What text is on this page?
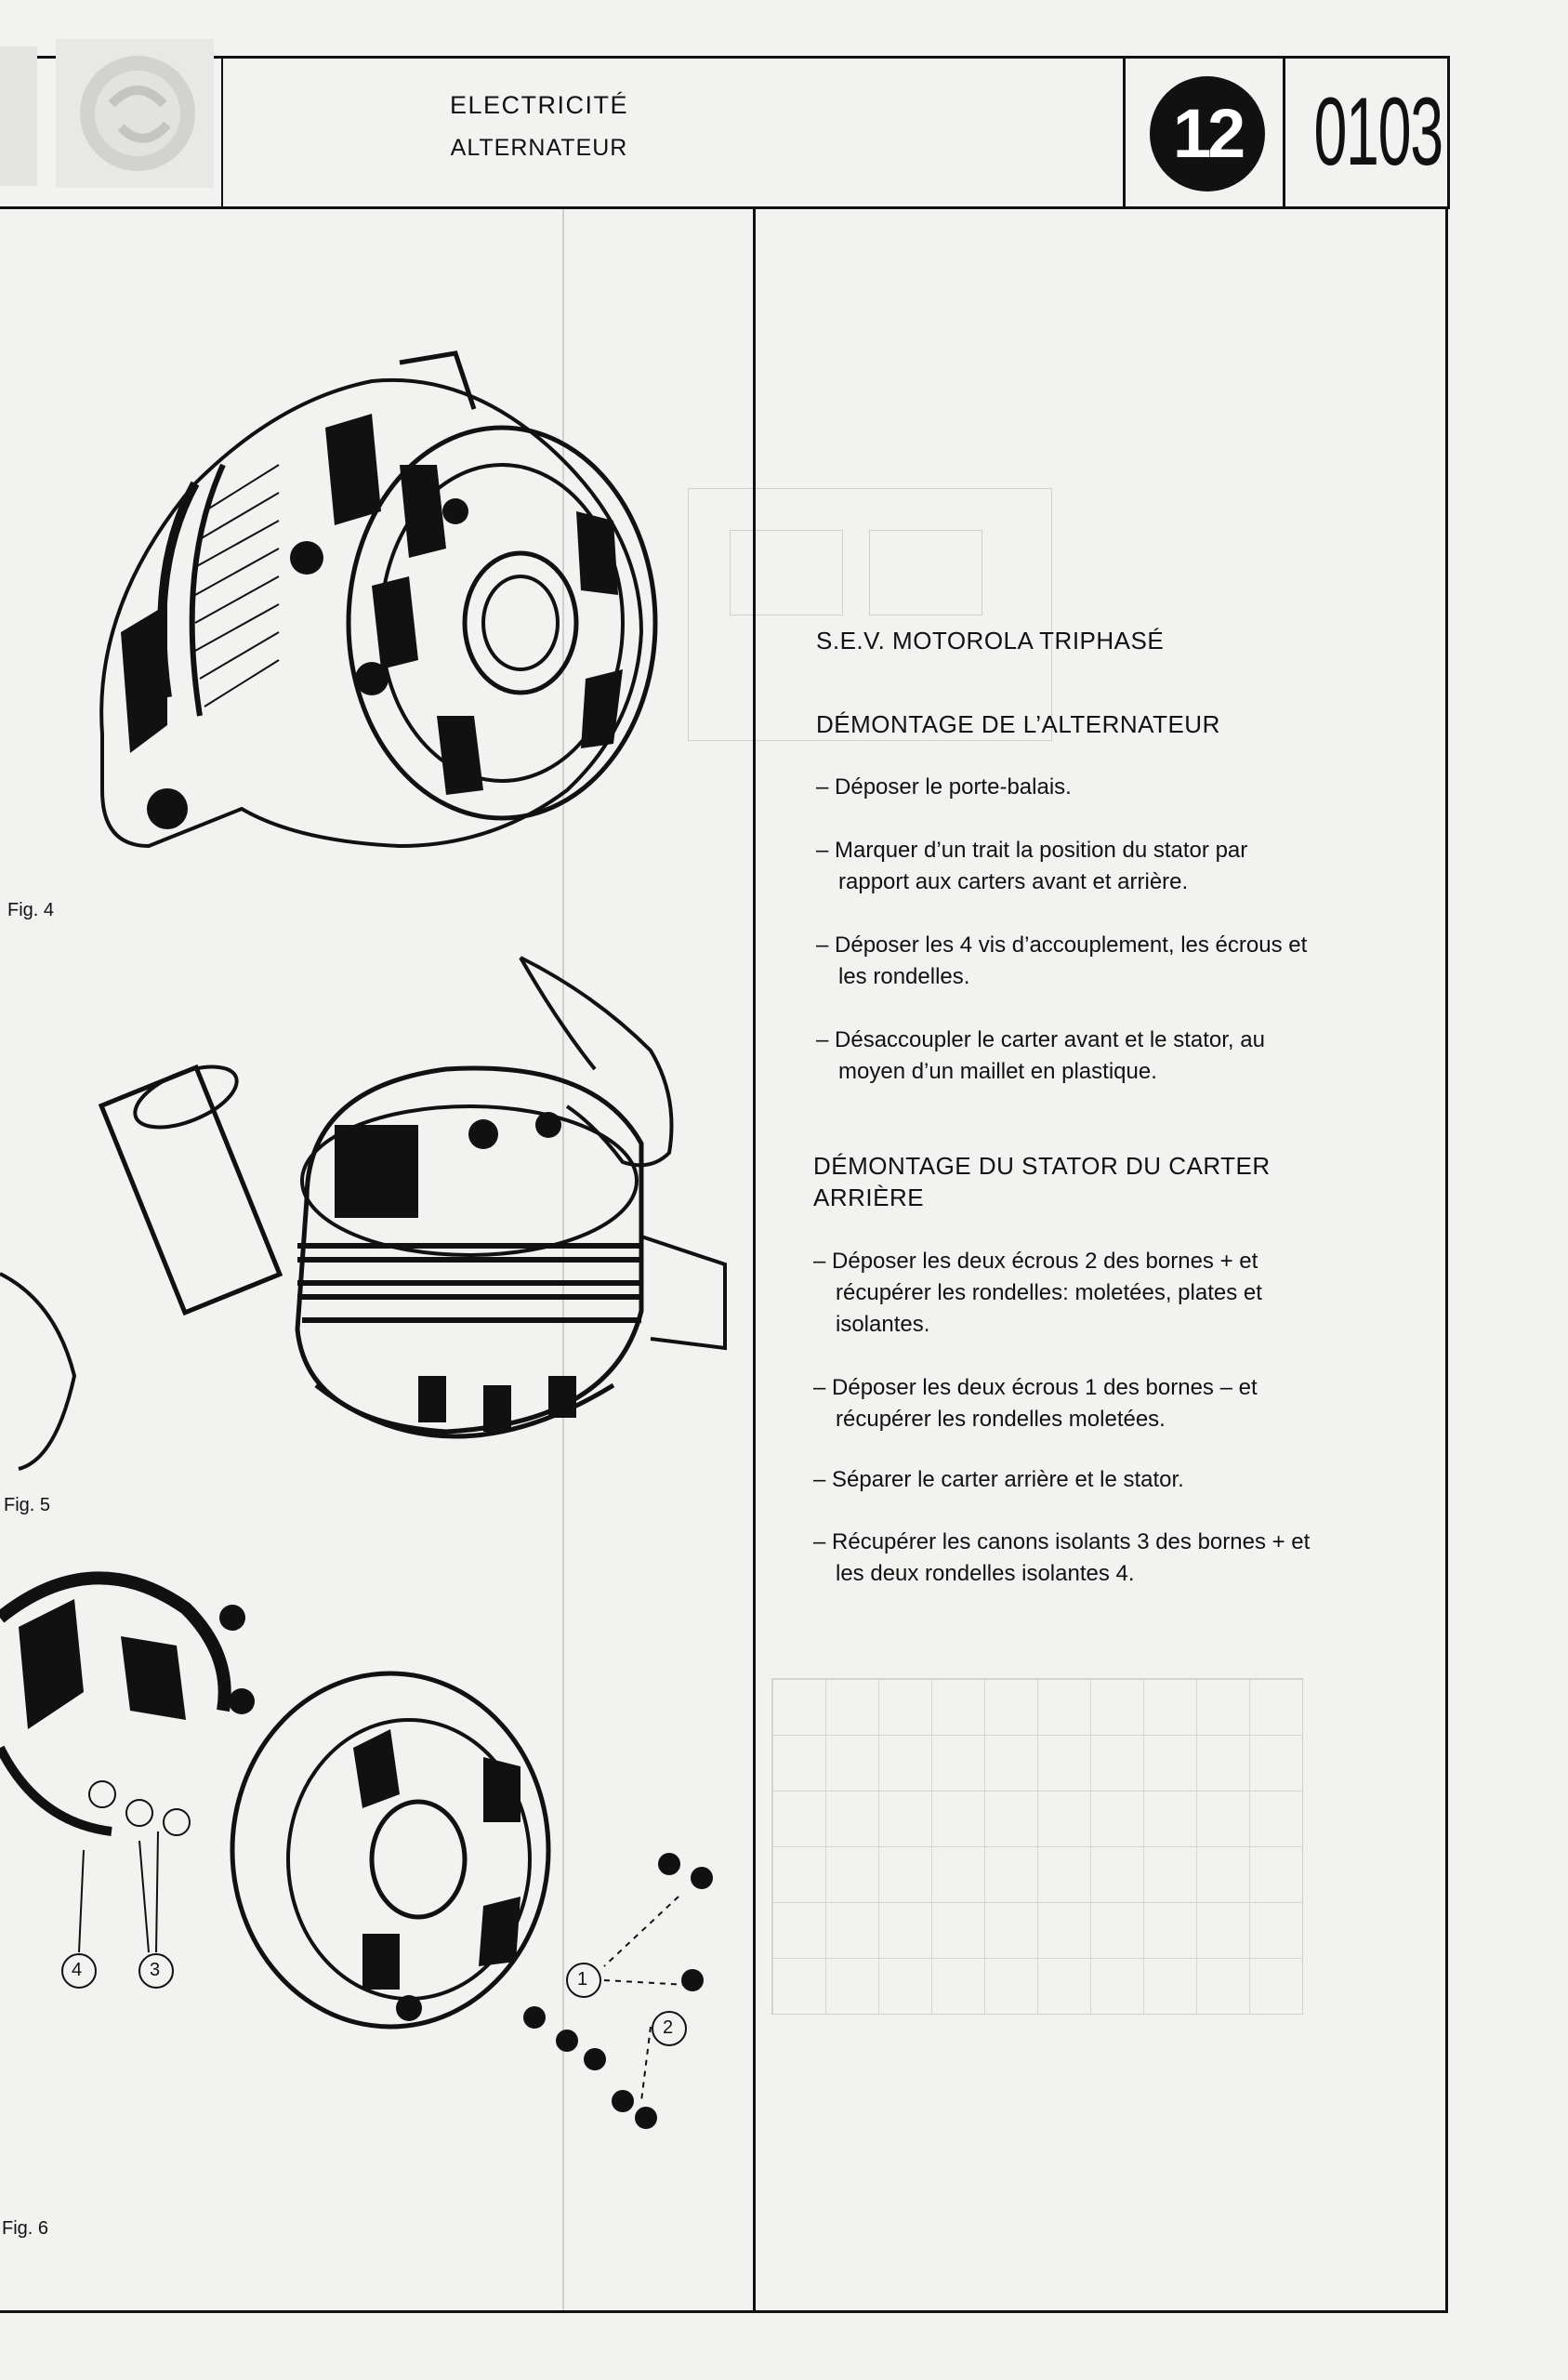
ELECTRICITÉ
ALTERNATEUR	12 0103
Fig. 4
Fig. 5
4	3	1
2
Fig. 6
S.E.V. MOTOROLA TRIPHASÉ
DÉMONTAGE DE L’ALTERNATEUR
– Déposer le porte-balais.
– Marquer d’un trait la position du stator par
rapport aux carters avant et arrière.
– Déposer les 4 vis d’accouplement, les écrous et
les rondelles.
– Désaccoupler le carter avant et le stator, au
moyen d’un maillet en plastique.
DÉMONTAGE DU STATOR DU CARTER
ARRIÈRE
– Déposer les deux écrous 2 des bornes + et
récupérer les rondelles: moletées, plates et
isolantes.
– Déposer les deux écrous 1 des bornes – et
récupérer les rondelles moletées.
– Séparer le carter arrière et le stator.
– Récupérer les canons isolants 3 des bornes + et
les deux rondelles isolantes 4.
